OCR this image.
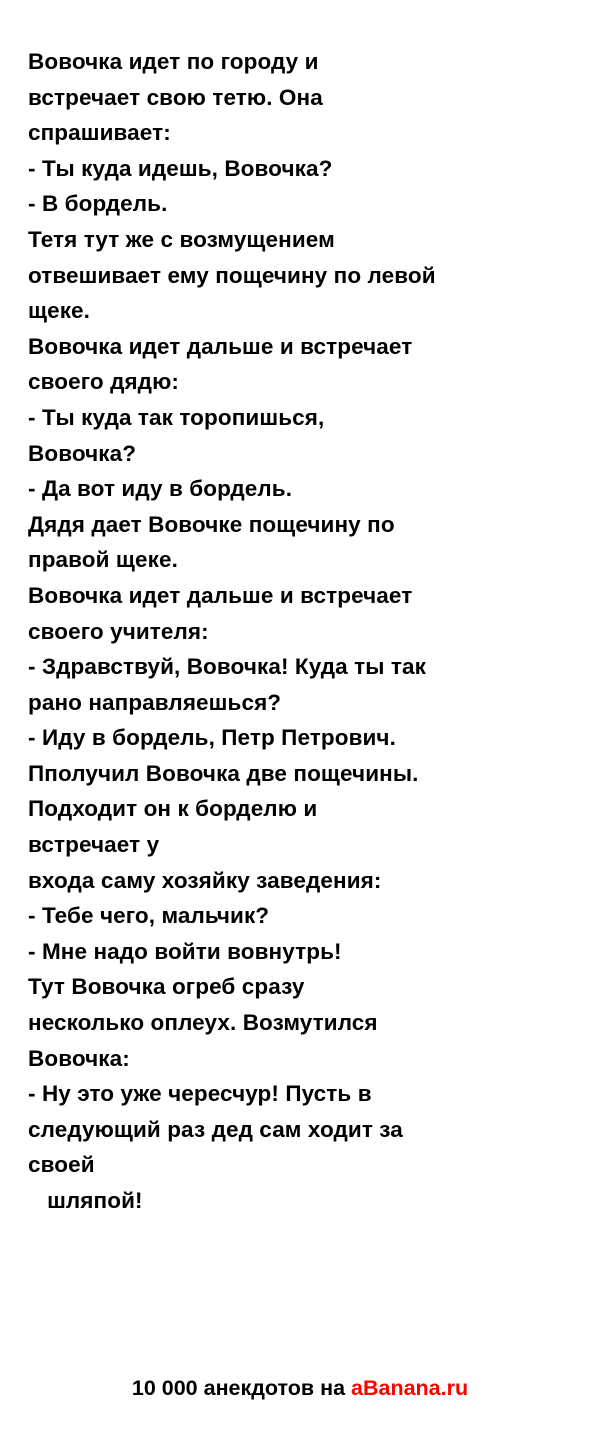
Вовочка идет по городу и
встречает свою тетю. Она
спрашивает:
- Ты куда идешь, Вовочка?
- В бордель.
Тетя тут же с возмущением
отвешивает ему пощечину по левой
щеке.
Вовочка идет дальше и встречает
своего дядю:
- Ты куда так торопишься,
Вовочка?
- Да вот иду в бордель.
Дядя дает Вовочке пощечину по
правой щеке.
Вовочка идет дальше и встречает
своего учителя:
- Здравствуй, Вовочка! Куда ты так
рано направляешься?
- Иду в бордель, Петр Петрович.
Пполучил Вовочка две пощечины.
Подходит он к борделю и
встречает у
входа саму хозяйку заведения:
- Тебе чего, мальчик?
- Мне надо войти вовнутрь!
Тут Вовочка огреб сразу
несколько оплеух. Возмутился
Вовочка:
- Ну это уже чересчур! Пусть в
следующий раз дед сам ходит за
своей
шляпой!
10 000 анекдотов на aBanana.ru
